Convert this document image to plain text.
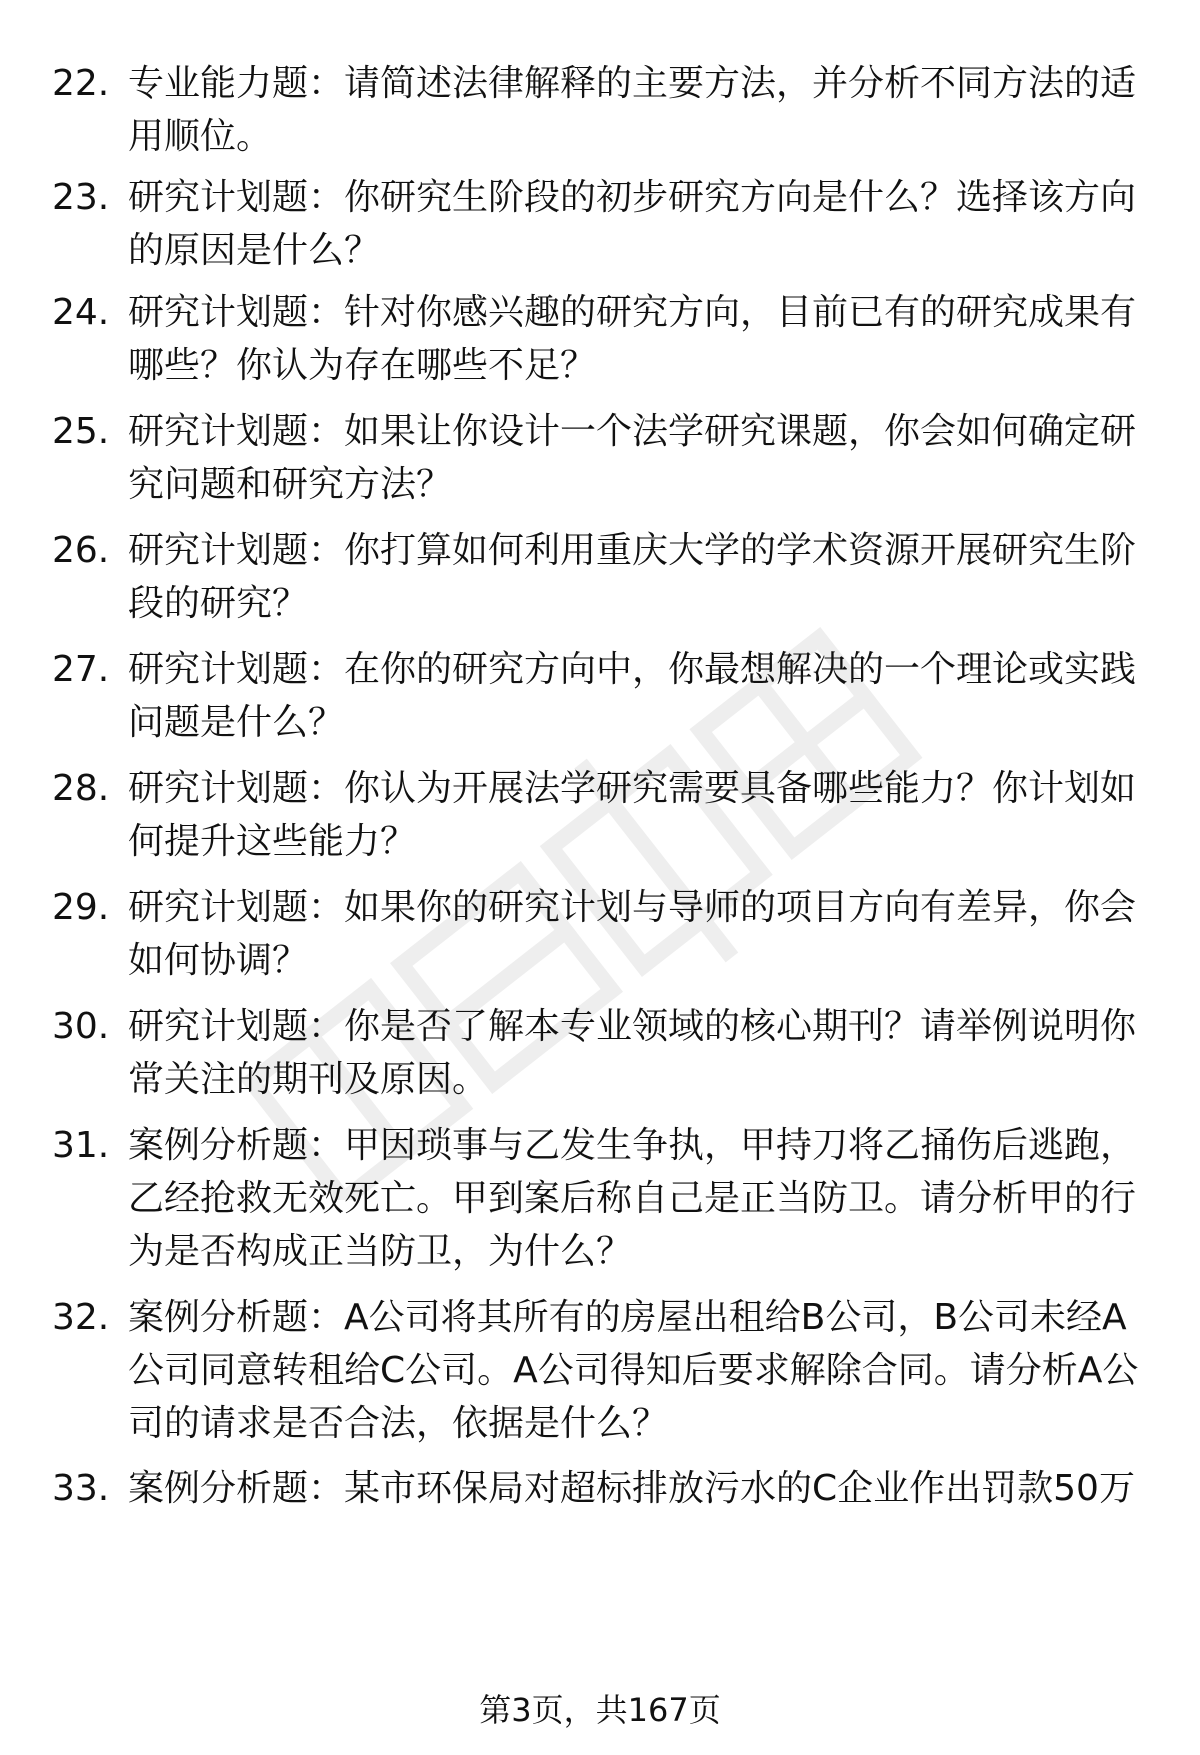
22. 专业能力题：请简述法律解释的主要方法，并分析不同方法的适
用顺位。
23. 研究计划题：你研究生阶段的初步研究方向是什么？选择该方向
的原因是什么？
24. 研究计划题：针对你感兴趣的研究方向，目前已有的研究成果有
哪些？你认为存在哪些不足？
25. 研究计划题：如果让你设计一个法学研究课题，你会如何确定研
究问题和研究方法？
26. 研究计划题：你打算如何利用重庆大学的学术资源开展研究生阶
段的研究？
27. 研究计划题：在你的研究方向中，你最想解决的一个理论或实践
问题是什么？
28. 研究计划题：你认为开展法学研究需要具备哪些能力？你计划如
何提升这些能力？
29. 研究计划题：如果你的研究计划与导师的项目方向有差异，你会
如何协调？
30. 研究计划题：你是否了解本专业领域的核心期刊？请举例说明你
常关注的期刊及原因。
31. 案例分析题：甲因琐事与乙发生争执，甲持刀将乙捅伤后逃跑，
乙经抢救无效死亡。甲到案后称自己是正当防卫。请分析甲的行
为是否构成正当防卫，为什么？
32. 案例分析题：A公司将其所有的房屋出租给B公司，B公司未经A
公司同意转租给C公司。A公司得知后要求解除合同。请分析A公
司的请求是否合法，依据是什么？
33. 案例分析题：某市环保局对超标排放污水的C企业作出罚款50万
第3页，共167页
